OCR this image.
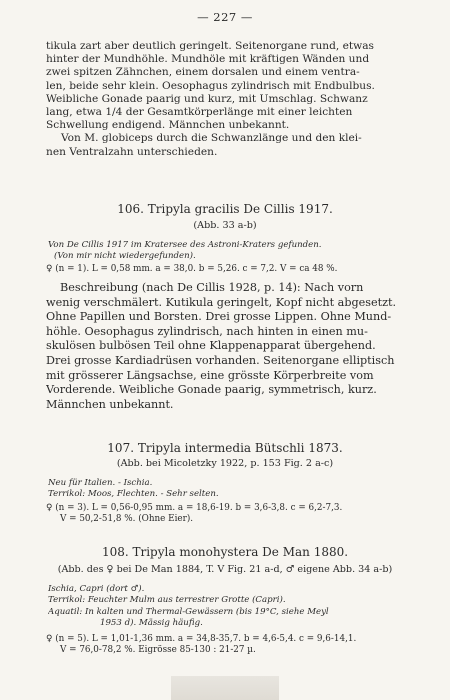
— 227 —
tikula zart aber deutlich geringelt. Seitenorgane rund, etwas
hinter der Mundhöhle. Mundhöle mit kräftigen Wänden und
zwei spitzen Zähnchen, einem dorsalen und einem ventra-
len, beide sehr klein. Oesophagus zylindrisch mit Endbulbus.
Weibliche Gonade paarig und kurz, mit Umschlag. Schwanz
lang, etwa 1/4 der Gesamtkörperlänge mit einer leichten
Schwellung endigend. Männchen unbekannt.
Von M. globiceps durch die Schwanzlänge und den klei-
nen Ventralzahn unterschieden.
106. Tripyla gracilis De Cillis 1917.
(Abb. 33 a-b)
Von De Cillis 1917 im Kratersee des Astroni-Kraters gefunden.
(Von mir nicht wiedergefunden).
♀ (n = 1). L = 0,58 mm. a = 38,0. b = 5,26. c = 7,2. V = ca 48 %.
Beschreibung (nach De Cillis 1928, p. 14): Nach vorn
wenig verschmälert. Kutikula geringelt, Kopf nicht abgesetzt.
Ohne Papillen und Borsten. Drei grosse Lippen. Ohne Mund-
höhle. Oesophagus zylindrisch, nach hinten in einen mu-
skulösen bulbösen Teil ohne Klappenapparat übergehend.
Drei grosse Kardiadrüsen vorhanden. Seitenorgane elliptisch
mit grösserer Längsachse, eine grösste Körperbreite vom
Vorderende. Weibliche Gonade paarig, symmetrisch, kurz.
Männchen unbekannt.
107. Tripyla intermedia Bütschli 1873.
(Abb. bei Micoletzky 1922, p. 153 Fig. 2 a-c)
Neu für Italien. - Ischia.
Terrikol: Moos, Flechten. - Sehr selten.
♀ (n = 3). L = 0,56-0,95 mm. a = 18,6-19. b = 3,6-3,8. c = 6,2-7,3.
V = 50,2-51,8 %. (Ohne Eier).
108. Tripyla monohystera De Man 1880.
(Abb. des ♀ bei De Man 1884, T. V Fig. 21 a-d, ♂ eigene Abb. 34 a-b)
Ischia, Capri (dort ♂).
Terrikol: Feuchter Mulm aus terrestrer Grotte (Capri).
Aquatil: In kalten und Thermal-Gewässern (bis 19°C, siehe Meyl
1953 d). Mässig häufig.
♀ (n = 5). L = 1,01-1,36 mm. a = 34,8-35,7. b = 4,6-5,4. c = 9,6-14,1.
V = 76,0-78,2 %. Eigrösse 85-130 : 21-27 µ.
